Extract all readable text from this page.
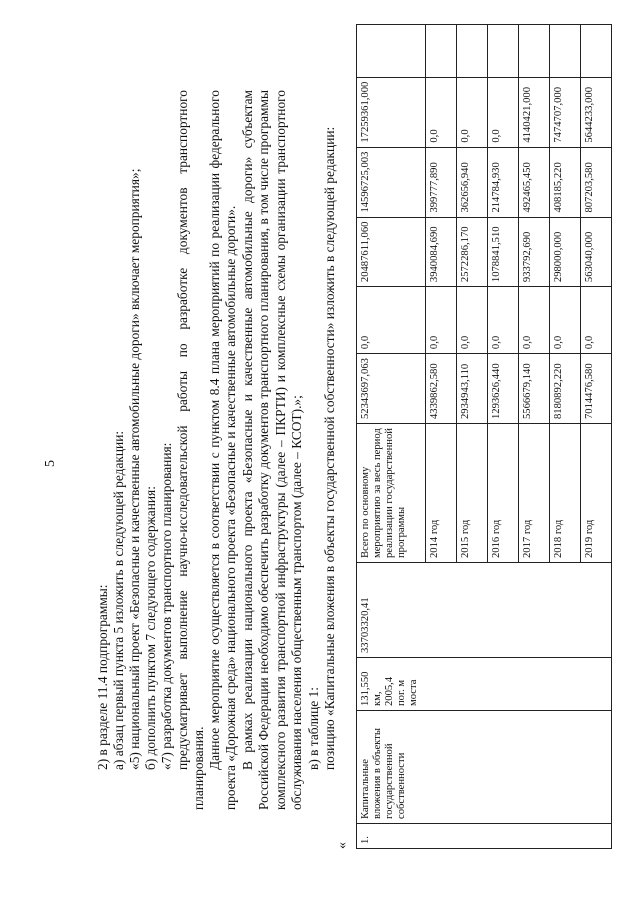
5
2) в разделе 11.4 подпрограммы: а) абзац первый пункта 5 изложить в следующей редакции: «5) национальный проект «Безопасные и качественные автомобильные дороги» включает мероприятия»; б) дополнить пунктом 7 следующего содержания: «7) разработка документов транспортного планирования: предусматривает выполнение научно-исследовательской работы по разработке документов транспортного планирования. Данное мероприятие осуществляется в соответствии с пунктом 8.4 плана мероприятий по реализации федерального проекта «Дорожная среда» национального проекта «Безопасные и качественные автомобильные дороги». В рамках реализации национального проекта «Безопасные и качественные автомобильные дороги» субъектам Российской Федерации необходимо обеспечить разработку документов транспортного планирования, в том числе программы комплексного развития транспортной инфраструктуры (далее – ПКРТИ) и комплексные схемы организации транспортного обслуживания населения общественным транспортом (далее – КСОТ).»; в) в таблице 1: позицию «Капитальные вложения в объекты государственной собственности» изложить в следующей редакции:
«
1.	Капитальные вложения в объекты государственной собственности	131,550 км, 2005,4 пог. м моста	33703320,41	Всего по основному мероприятию за весь период реализации государственной программы	52343697,063	0,0	20487611,060	14596725,003	17259361,000	
				2014 год	4339862,580	0,0	3940084,690	399777,890	0,0	
				2015 год	2934943,110	0,0	2572286,170	362656,940	0,0	
				2016 год	1293626,440	0,0	1078841,510	214784,930	0,0	
				2017 год	5566679,140	0,0	933792,690	492465,450	4140421,000	
				2018 год	8180892,220	0,0	298000,000	408185,220	7474707,000	
				2019 год	7014476,580	0,0	563040,000	807203,580	5644233,000	
